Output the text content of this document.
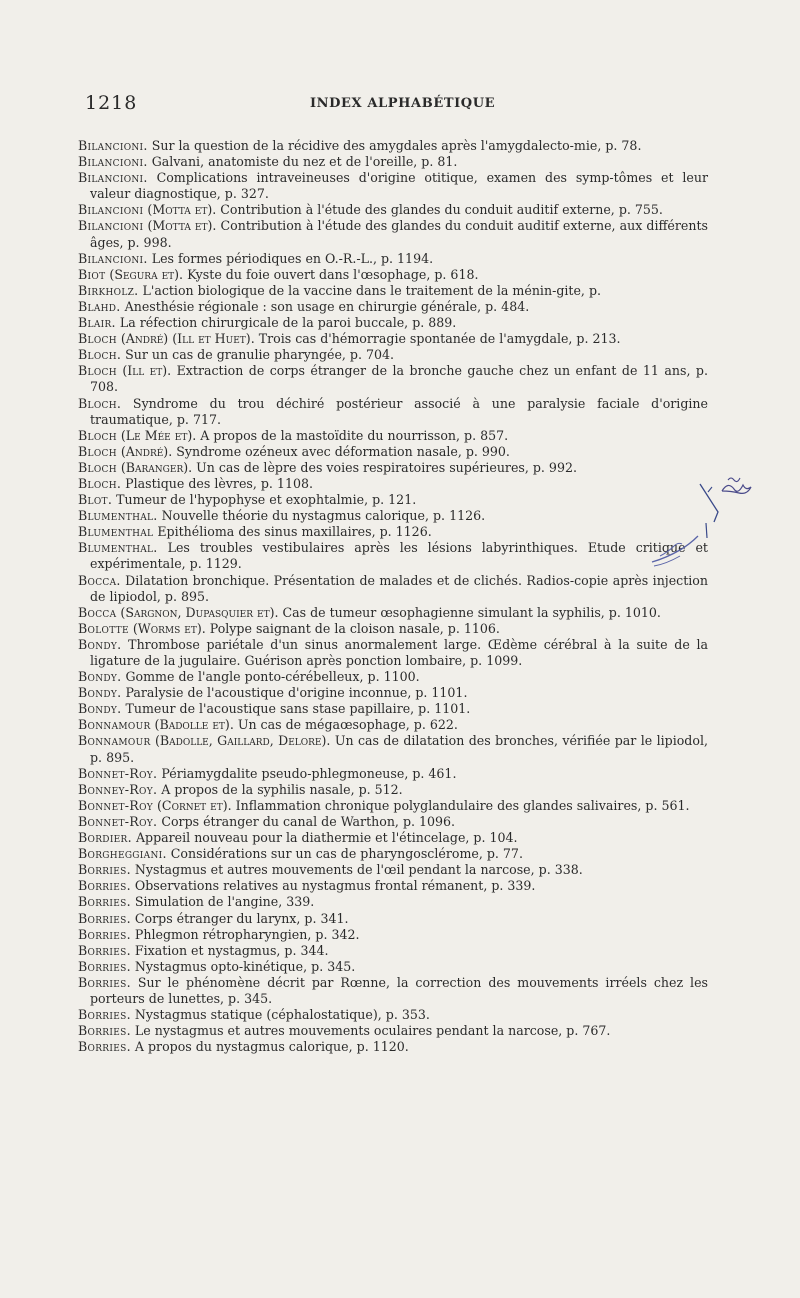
1218	INDEX ALPHABÉTIQUE
Bilancioni. Sur la question de la récidive des amygdales après l'amygdalecto-mie, p. 78.
Bilancioni. Galvani, anatomiste du nez et de l'oreille, p. 81.
Bilancioni. Complications intraveineuses d'origine otitique, examen des symp-tômes et leur valeur diagnostique, p. 327.
Bilancioni (Motta et). Contribution à l'étude des glandes du conduit auditif externe, p. 755.
Bilancioni (Motta et). Contribution à l'étude des glandes du conduit auditif externe, aux différents âges, p. 998.
Bilancioni. Les formes périodiques en O.-R.-L., p. 1194.
Biot (Segura et). Kyste du foie ouvert dans l'œsophage, p. 618.
Birkholz. L'action biologique de la vaccine dans le traitement de la ménin-gite, p.
Blahd. Anesthésie régionale : son usage en chirurgie générale, p. 484.
Blair. La réfection chirurgicale de la paroi buccale, p. 889.
Bloch (André) (Ill et Huet). Trois cas d'hémorragie spontanée de l'amygdale, p. 213.
Bloch. Sur un cas de granulie pharyngée, p. 704.
Bloch (Ill et). Extraction de corps étranger de la bronche gauche chez un enfant de 11 ans, p. 708.
Bloch. Syndrome du trou déchiré postérieur associé à une paralysie faciale d'origine traumatique, p. 717.
Bloch (Le Mée et). A propos de la mastoïdite du nourrisson, p. 857.
Bloch (André). Syndrome ozéneux avec déformation nasale, p. 990.
Bloch (Baranger). Un cas de lèpre des voies respiratoires supérieures, p. 992.
Bloch. Plastique des lèvres, p. 1108.
Blot. Tumeur de l'hypophyse et exophtalmie, p. 121.
Blumenthal. Nouvelle théorie du nystagmus calorique, p. 1126.
Blumenthal Epithélioma des sinus maxillaires, p. 1126.
Blumenthal. Les troubles vestibulaires après les lésions labyrinthiques. Etude critique et expérimentale, p. 1129.
Bocca. Dilatation bronchique. Présentation de malades et de clichés. Radios-copie après injection de lipiodol, p. 895.
Bocca (Sargnon, Dupasquier et). Cas de tumeur œsophagienne simulant la syphilis, p. 1010.
Bolotte (Worms et). Polype saignant de la cloison nasale, p. 1106.
Bondy. Thrombose pariétale d'un sinus anormalement large. Œdème cérébral à la suite de la ligature de la jugulaire. Guérison après ponction lombaire, p. 1099.
Bondy. Gomme de l'angle ponto-cérébelleux, p. 1100.
Bondy. Paralysie de l'acoustique d'origine inconnue, p. 1101.
Bondy. Tumeur de l'acoustique sans stase papillaire, p. 1101.
Bonnamour (Badolle et). Un cas de mégaœsophage, p. 622.
Bonnamour (Badolle, Gaillard, Delore). Un cas de dilatation des bronches, vérifiée par le lipiodol, p. 895.
Bonnet-Roy. Périamygdalite pseudo-phlegmoneuse, p. 461.
Bonney-Roy. A propos de la syphilis nasale, p. 512.
Bonnet-Roy (Cornet et). Inflammation chronique polyglandulaire des glandes salivaires, p. 561.
Bonnet-Roy. Corps étranger du canal de Warthon, p. 1096.
Bordier. Appareil nouveau pour la diathermie et l'étincelage, p. 104.
Borgheggiani. Considérations sur un cas de pharyngosclérome, p. 77.
Borries. Nystagmus et autres mouvements de l'œil pendant la narcose, p. 338.
Borries. Observations relatives au nystagmus frontal rémanent, p. 339.
Borries. Simulation de l'angine, 339.
Borries. Corps étranger du larynx, p. 341.
Borries. Phlegmon rétropharyngien, p. 342.
Borries. Fixation et nystagmus, p. 344.
Borries. Nystagmus opto-kinétique, p. 345.
Borries. Sur le phénomène décrit par Rœnne, la correction des mouvements irréels chez les porteurs de lunettes, p. 345.
Borries. Nystagmus statique (céphalostatique), p. 353.
Borries. Le nystagmus et autres mouvements oculaires pendant la narcose, p. 767.
Borries. A propos du nystagmus calorique, p. 1120.
